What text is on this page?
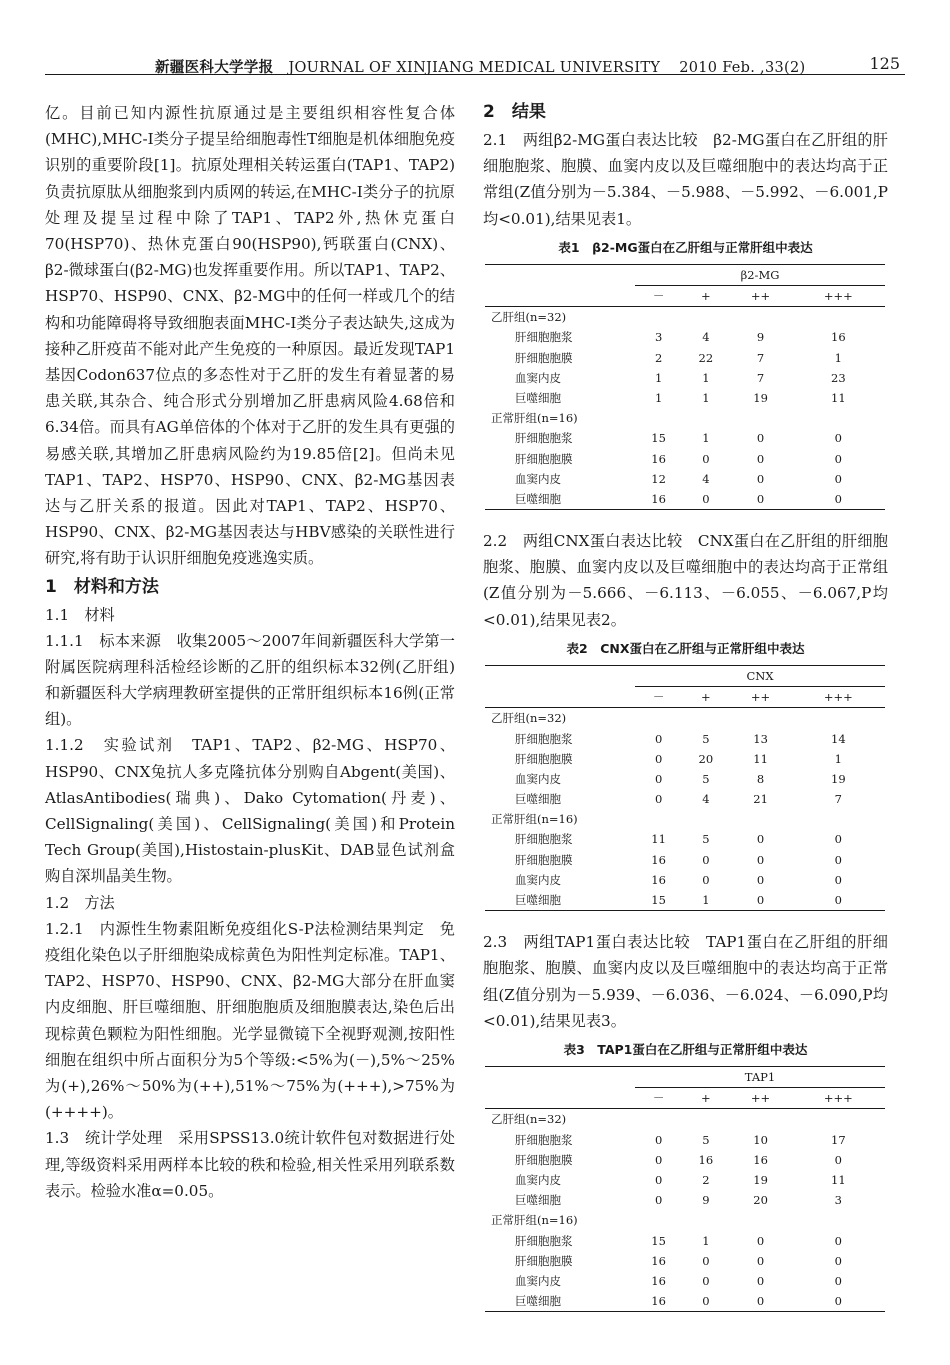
新疆医科大学学报 JOURNAL OF XINJIANG MEDICAL UNIVERSITY 2010 Feb. ,33(2)	125

亿。目前已知内源性抗原通过是主要组织相容性复合体(MHC),MHC-I类分子提呈给细胞毒性T细胞是机体细胞免疫识别的重要阶段[1]。抗原处理相关转运蛋白(TAP1、TAP2)负责抗原肽从细胞浆到内质网的转运,在MHC-I类分子的抗原处理及提呈过程中除了TAP1、TAP2外,热休克蛋白70(HSP70)、热休克蛋白90(HSP90),钙联蛋白(CNX)、β2-微球蛋白(β2-MG)也发挥重要作用。所以TAP1、TAP2、HSP70、HSP90、CNX、β2-MG中的任何一样或几个的结构和功能障碍将导致细胞表面MHC-I类分子表达缺失,这成为接种乙肝疫苗不能对此产生免疫的一种原因。最近发现TAP1基因Codon637位点的多态性对于乙肝的发生有着显著的易患关联,其杂合、纯合形式分别增加乙肝患病风险4.68倍和6.34倍。而具有AG单倍体的个体对于乙肝的发生具有更强的易感关联,其增加乙肝患病风险约为19.85倍[2]。但尚未见TAP1、TAP2、HSP70、HSP90、CNX、β2-MG基因表达与乙肝关系的报道。因此对TAP1、TAP2、HSP70、HSP90、CNX、β2-MG基因表达与HBV感染的关联性进行研究,将有助于认识肝细胞免疫逃逸实质。

1　材料和方法
1.1　材料

1.1.1　标本来源　收集2005～2007年间新疆医科大学第一附属医院病理科活检经诊断的乙肝的组织标本32例(乙肝组)和新疆医科大学病理教研室提供的正常肝组织标本16例(正常组)。

1.1.2　实验试剂　TAP1、TAP2、β2-MG、HSP70、HSP90、CNX兔抗人多克隆抗体分别购自Abgent(美国)、AtlasAntibodies(瑞典)、Dako Cytomation(丹麦)、CellSignaling(美国)、CellSignaling(美国)和Protein Tech Group(美国),Histostain-plusKit、DAB显色试剂盒购自深圳晶美生物。

1.2　方法

1.2.1　内源性生物素阻断免疫组化S-P法检测结果判定　免疫组化染色以子肝细胞染成棕黄色为阳性判定标准。TAP1、TAP2、HSP70、HSP90、CNX、β2-MG大部分在肝血窦内皮细胞、肝巨噬细胞、肝细胞胞质及细胞膜表达,染色后出现棕黄色颗粒为阳性细胞。光学显微镜下全视野观测,按阳性细胞在组织中所占面积分为5个等级:<5%为(－),5%～25%为(+),26%～50%为(++),51%～75%为(+++),>75%为(++++)。

1.3　统计学处理　采用SPSS13.0统计软件包对数据进行处理,等级资料采用两样本比较的秩和检验,相关性采用列联系数表示。检验水准α=0.05。

2　结果

2.1　两组β2-MG蛋白表达比较　β2-MG蛋白在乙肝组的肝细胞胞浆、胞膜、血窦内皮以及巨噬细胞中的表达均高于正常组(Z值分别为－5.384、－5.988、－5.992、－6.001,P均<0.01),结果见表1。

表1　β2-MG蛋白在乙肝组与正常肝组中表达
	β2-MG			
	－	+	++	+++
乙肝组(n=32)				
肝细胞胞浆	3	4	9	16
肝细胞胞膜	2	22	7	1
血窦内皮	1	1	7	23
巨噬细胞	1	1	19	11
正常肝组(n=16)				
肝细胞胞浆	15	1	0	0
肝细胞胞膜	16	0	0	0
血窦内皮	12	4	0	0
巨噬细胞	16	0	0	0

2.2　两组CNX蛋白表达比较　CNX蛋白在乙肝组的肝细胞胞浆、胞膜、血窦内皮以及巨噬细胞中的表达均高于正常组(Z值分别为－5.666、－6.113、－6.055、－6.067,P均<0.01),结果见表2。

表2　CNX蛋白在乙肝组与正常肝组中表达
	CNX			
	－	+	++	+++
乙肝组(n=32)				
肝细胞胞浆	0	5	13	14
肝细胞胞膜	0	20	11	1
血窦内皮	0	5	8	19
巨噬细胞	0	4	21	7
正常肝组(n=16)				
肝细胞胞浆	11	5	0	0
肝细胞胞膜	16	0	0	0
血窦内皮	16	0	0	0
巨噬细胞	15	1	0	0

2.3　两组TAP1蛋白表达比较　TAP1蛋白在乙肝组的肝细胞胞浆、胞膜、血窦内皮以及巨噬细胞中的表达均高于正常组(Z值分别为－5.939、－6.036、－6.024、－6.090,P均<0.01),结果见表3。

表3　TAP1蛋白在乙肝组与正常肝组中表达
	TAP1			
	－	+	++	+++
乙肝组(n=32)				
肝细胞胞浆	0	5	10	17
肝细胞胞膜	0	16	16	0
血窦内皮	0	2	19	11
巨噬细胞	0	9	20	3
正常肝组(n=16)				
肝细胞胞浆	15	1	0	0
肝细胞胞膜	16	0	0	0
血窦内皮	16	0	0	0
巨噬细胞	16	0	0	0
